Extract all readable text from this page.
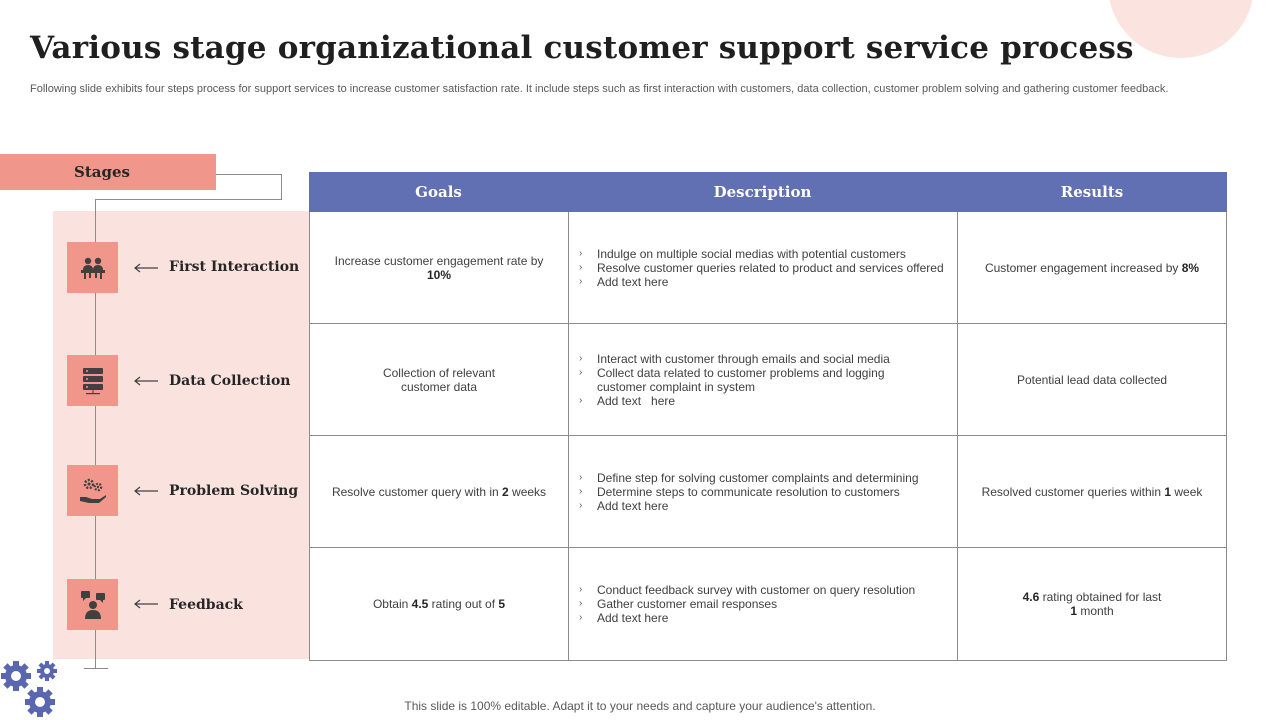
Various stage organizational customer support service process

Following slide exhibits four steps process for support services to increase customer satisfaction rate. It include steps such as first interaction with customers, data collection, customer problem solving and gathering customer feedback.

Stages
First Interaction
Data Collection
Problem Solving
Feedback
Goals	Description	Results
Increase customer engagement rate by 10%
› Indulge on multiple social medias with potential customers
› Resolve customer queries related to product and services offered
› Add text here
Customer engagement increased by 8%
Collection of relevant customer data
› Interact with customer through emails and social media
› Collect data related to customer problems and logging customer complaint in system
› Add text   here
Potential lead data collected
Resolve customer query with in 2 weeks
› Define step for solving customer complaints and determining
› Determine steps to communicate resolution to customers
› Add text here
Resolved customer queries within 1 week
Obtain 4.5 rating out of 5
› Conduct feedback survey with customer on query resolution
› Gather customer email responses
› Add text here
4.6 rating obtained for last 1 month
This slide is 100% editable. Adapt it to your needs and capture your audience's attention.
